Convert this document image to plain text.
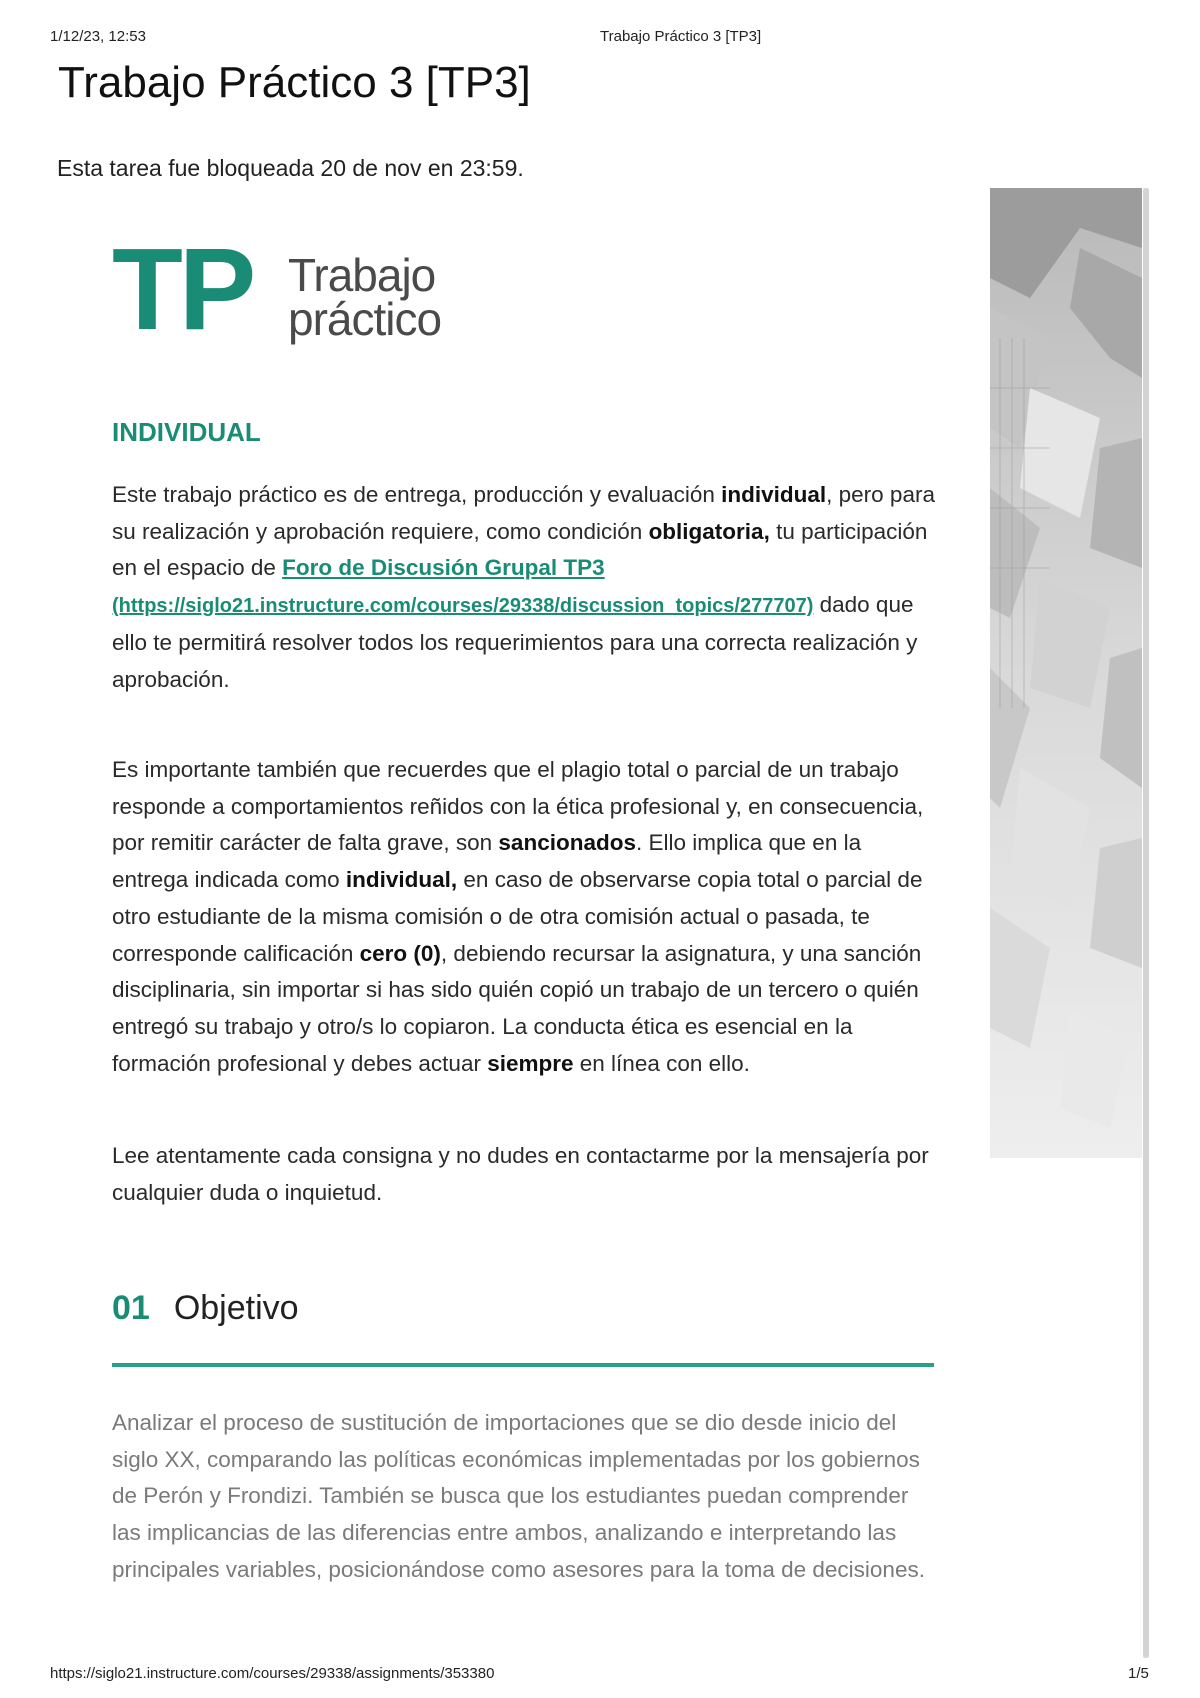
1/12/23, 12:53	Trabajo Práctico 3 [TP3]
Trabajo Práctico 3 [TP3]
Esta tarea fue bloqueada 20 de nov en 23:59.
TP Trabajo
práctico
INDIVIDUAL

Este trabajo práctico es de entrega, producción y evaluación individual, pero para su realización y aprobación requiere, como condición obligatoria, tu participación en el espacio de Foro de Discusión Grupal TP3
(https://siglo21.instructure.com/courses/29338/discussion_topics/277707) dado que ello te permitirá resolver todos los requerimientos para una correcta realización y aprobación.

Es importante también que recuerdes que el plagio total o parcial de un trabajo responde a comportamientos reñidos con la ética profesional y, en consecuencia, por remitir carácter de falta grave, son sancionados. Ello implica que en la entrega indicada como individual, en caso de observarse copia total o parcial de otro estudiante de la misma comisión o de otra comisión actual o pasada, te corresponde calificación cero (0), debiendo recursar la asignatura, y una sanción disciplinaria, sin importar si has sido quién copió un trabajo de un tercero o quién entregó su trabajo y otro/s lo copiaron. La conducta ética es esencial en la formación profesional y debes actuar siempre en línea con ello.

Lee atentamente cada consigna y no dudes en contactarme por la mensajería por cualquier duda o inquietud.

01 Objetivo
Analizar el proceso de sustitución de importaciones que se dio desde inicio del siglo XX, comparando las políticas económicas implementadas por los gobiernos de Perón y Frondizi. También se busca que los estudiantes puedan comprender las implicancias de las diferencias entre ambos, analizando e interpretando las principales variables, posicionándose como asesores para la toma de decisiones.
https://siglo21.instructure.com/courses/29338/assignments/353380	1/5
